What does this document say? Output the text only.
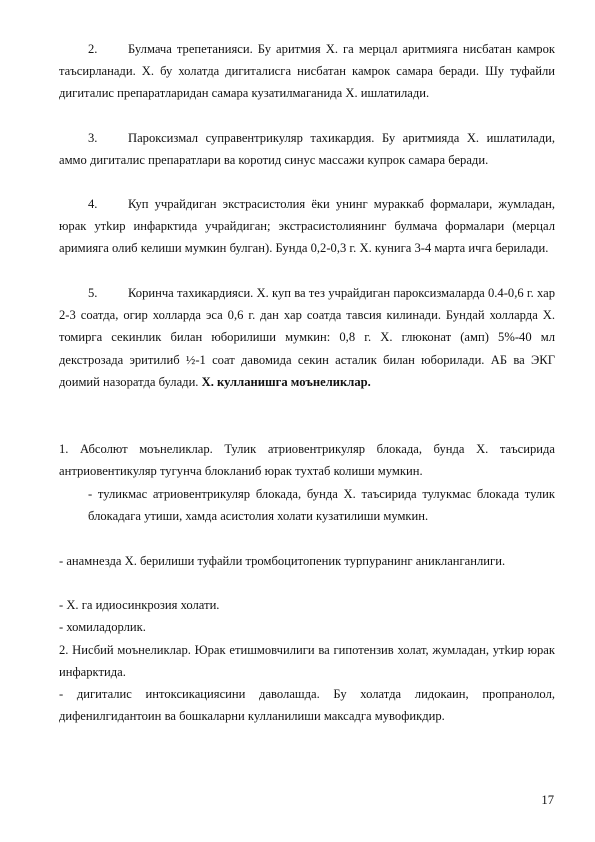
2. Булмача трепетанияси. Бу аритмия X. га мерцал аритмияга нисбатан камрок таъсирланади. X. бу холатда дигиталисга нисбатан камрок самара беради. Шу туфайли дигиталис препаратларидан самара кузатилмаганида X. ишлатилади.

3. Пароксизмал суправентрикуляр тахикардия. Бу аритмияда X. ишлатилади, аммо дигиталис препаратлари ва коротид синус массажи купрок самара беради.

4. Куп учрайдиган экстрасистолия ёки унинг мураккаб формалари, жумладан, юрак утkир инфарктида учрайдиган; экстрасистолиянинг булмача формалари (мерцал аримияга олиб келиши мумкин булган). Бунда 0,2-0,3 г. X. кунига 3-4 марта ичга берилади.

5. Коринча тахикардияси. X. куп ва тез учрайдиган пароксизмаларда 0.4-0,6 г. хар 2-3 соатда, огир холларда эса 0,6 г. дан хар соатда тавсия килинади. Бундай холларда X. томирга секинлик билан юборилиши мумкин: 0,8 г. X. глюконат (амп) 5%-40 мл декстрозада эритилиб ½-1 соат давомида секин асталик билан юборилади. АБ ва ЭКГ доимий назоратда булади. X. кулланишга моънеликлар.

1. Абсолют моънеликлар. Тулик атриовентрикуляр блокада, бунда X. таъсирида антриовентикуляр тугунча блоклaниб юрак тухтаб колиши мумкин.

- туликмас атриовентрикуляр блокада, бунда X. таъсирида тулукмас блокада тулик блокадага утиши, хамда асистолия холати кузатилиши мумкин.

- анамнезда X. берилиши туфайли тромбоцитопеник турпуранинг аникланганлиги.

- X. га идиосинкрозия холати.

- хомиладорлик.

2. Нисбий моънеликлар. Юрак етишмовчилиги ва гипотензив холат, жумладан, утkир юрак инфарктида.

- дигиталис интоксикациясини даволашда. Бу холатда лидокаин, пропранолол, дифенилгидантоин ва бошкаларни кулланилиши максадга мувофикдир.

17
